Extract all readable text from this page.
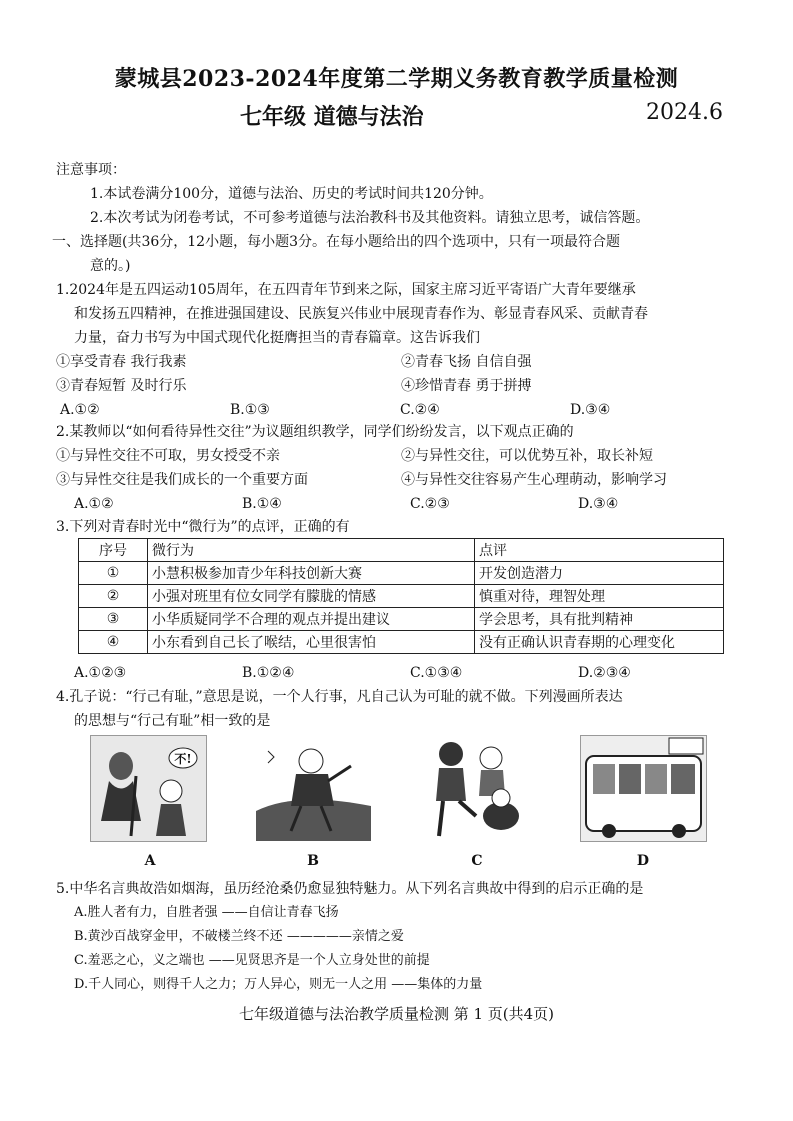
蒙城县2023-2024年度第二学期义务教育教学质量检测
七年级 道德与法治	2024.6
注意事项：
1.本试卷满分100分，道德与法治、历史的考试时间共120分钟。
2.本次考试为闭卷考试，不可参考道德与法治教科书及其他资料。请独立思考，诚信答题。
一、选择题(共36分，12小题，每小题3分。在每小题给出的四个选项中，只有一项最符合题
意的。)
1.2024年是五四运动105周年，在五四青年节到来之际，国家主席习近平寄语广大青年要继承
和发扬五四精神，在推进强国建设、民族复兴伟业中展现青春作为、彰显青春风采、贡献青春
力量，奋力书写为中国式现代化挺膺担当的青春篇章。这告诉我们
①享受青春 我行我素	②青春飞扬 自信自强
③青春短暂 及时行乐	④珍惜青春 勇于拼搏
A.①②	B.①③	C.②④	D.③④
2.某教师以“如何看待异性交往”为议题组织教学，同学们纷纷发言，以下观点正确的
①与异性交往不可取，男女授受不亲	②与异性交往，可以优势互补，取长补短
③与异性交往是我们成长的一个重要方面	④与异性交往容易产生心理萌动，影响学习
A.①②	B.①④	C.②③	D.③④
3.下列对青春时光中“微行为”的点评，正确的有
序号	微行为	点评
①	小慧积极参加青少年科技创新大赛	开发创造潜力
②	小强对班里有位女同学有朦胧的情感	慎重对待，理智处理
③	小华质疑同学不合理的观点并提出建议	学会思考，具有批判精神
④	小东看到自己长了喉结，心里很害怕	没有正确认识青春期的心理变化
A.①②③	B.①②④	C.①③④	D.②③④
4.孔子说：“行己有耻，”意思是说，一个人行事，凡自己认为可耻的就不做。下列漫画所表达
的思想与“行己有耻”相一致的是
不!
A	B	C	D
5.中华名言典故浩如烟海，虽历经沧桑仍愈显独特魅力。从下列名言典故中得到的启示正确的是
A.胜人者有力，自胜者强 ——自信让青春飞扬
B.黄沙百战穿金甲，不破楼兰终不还 —————亲情之爱
C.羞恶之心，义之端也 ——见贤思齐是一个人立身处世的前提
D.千人同心，则得千人之力；万人异心，则无一人之用 ——集体的力量
七年级道德与法治教学质量检测 第 1 页(共4页)
